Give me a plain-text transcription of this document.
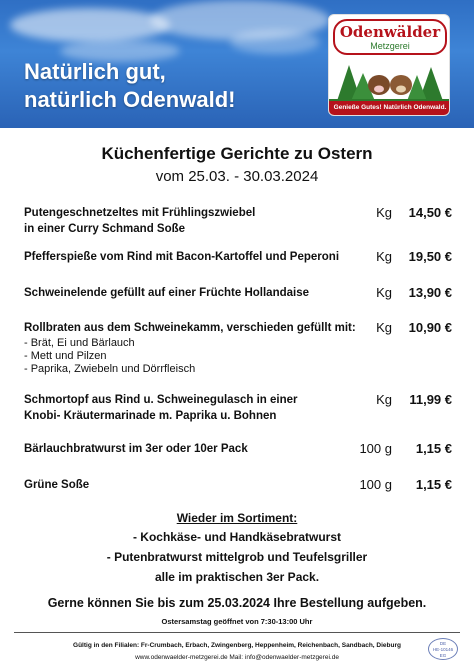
Natürlich gut,
natürlich Odenwald!
Odenwälder
Metzgerei
Genieße Gutes! Natürlich Odenwald.
Küchenfertige Gerichte zu Ostern
vom 25.03. - 30.03.2024
Putengeschnetzeltes mit Frühlingszwiebel
in einer Curry Schmand Soße
Kg 14,50 €
Pfefferspieße vom Rind mit Bacon-Kartoffel und Peperoni	Kg 19,50 €
Schweinelende gefüllt auf einer Früchte Hollandaise	Kg 13,90 €
Rollbraten aus dem Schweinekamm, verschieden gefüllt mit:	Kg 10,90 €
- Brät, Ei und Bärlauch
- Mett und Pilzen
- Paprika, Zwiebeln und Dörrfleisch
Schmortopf aus Rind u. Schweinegulasch in einer
Knobi- Kräutermarinade m. Paprika u. Bohnen
Kg 11,99 €
Bärlauchbratwurst im 3er oder 10er Pack	100 g 1,15 €
Grüne Soße	100 g 1,15 €
Wieder im Sortiment:
- Kochkäse- und Handkäsebratwurst
- Putenbratwurst mittelgrob und Teufelsgriller
alle im praktischen 3er Pack.
Gerne können Sie bis zum 25.03.2024 Ihre Bestellung aufgeben.
Ostersamstag geöffnet von 7:30-13:00 Uhr
Gültig in den Filialen: Fr-Crumbach, Erbach, Zwingenberg, Heppenheim, Reichenbach, Sandbach, Dieburg
www.odenwaelder-metzgerei.de Mail: info@odenwaelder-metzgerei.de
DE
HE-10146
EG
